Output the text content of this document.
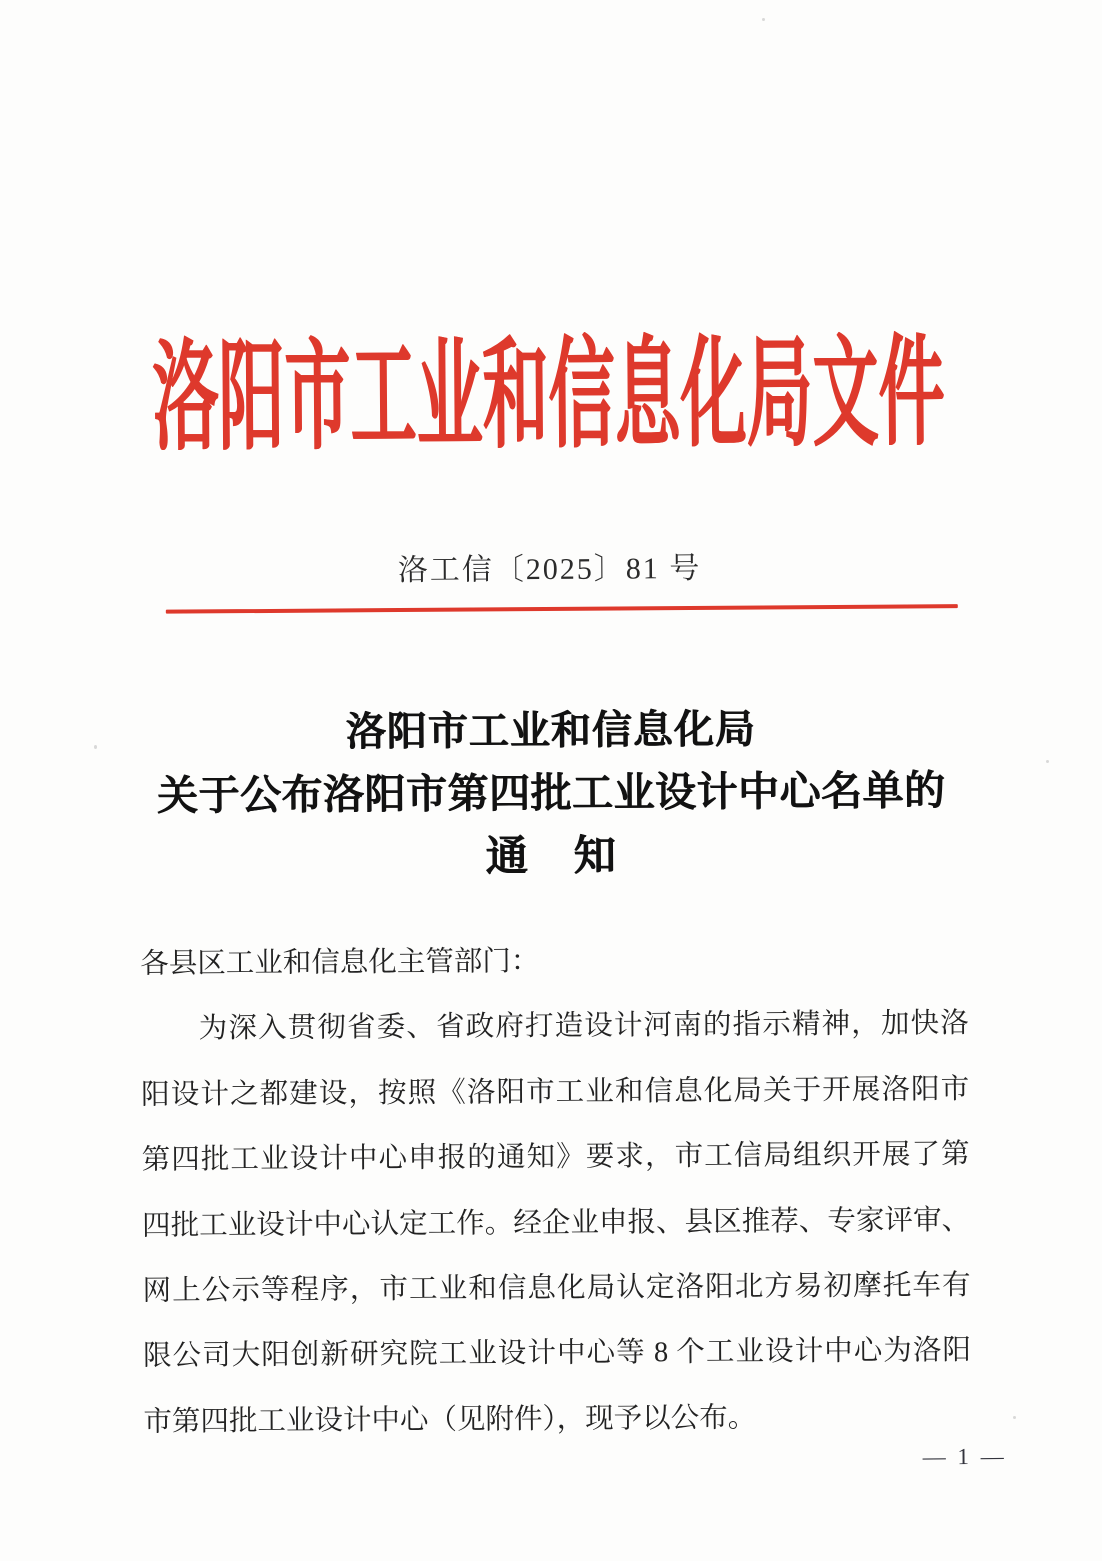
洛阳市工业和信息化局文件
洛工信〔2025〕81 号
洛阳市工业和信息化局
关于公布洛阳市第四批工业设计中心名单的
通　知
各县区工业和信息化主管部门：
为深入贯彻省委、省政府打造设计河南的指示精神，加快洛
阳设计之都建设，按照《洛阳市工业和信息化局关于开展洛阳市
第四批工业设计中心申报的通知》要求，市工信局组织开展了第
四批工业设计中心认定工作。经企业申报、县区推荐、专家评审、
网上公示等程序，市工业和信息化局认定洛阳北方易初摩托车有
限公司大阳创新研究院工业设计中心等 8 个工业设计中心为洛阳
市第四批工业设计中心（见附件），现予以公布。
— 1 —
